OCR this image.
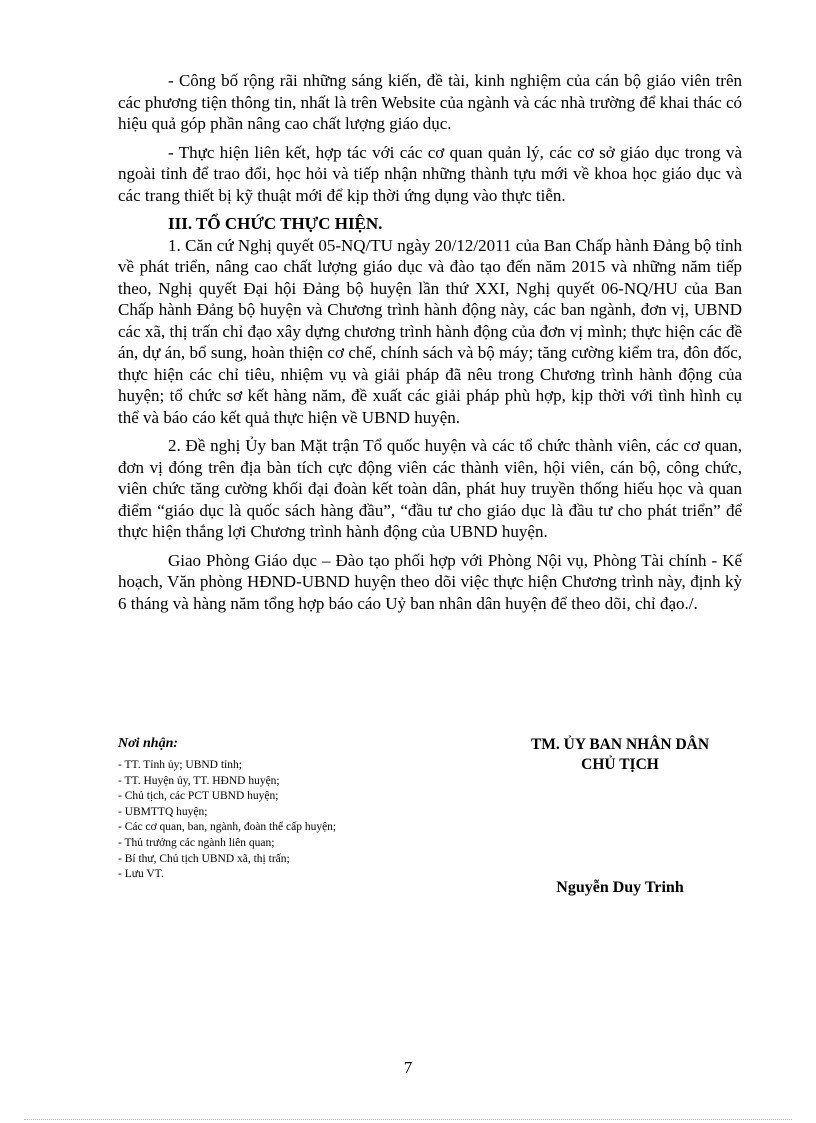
- Công bố rộng rãi những sáng kiến, đề tài, kinh nghiệm của cán bộ giáo viên trên các phương tiện thông tin, nhất là trên Website của ngành và các nhà trường để khai thác có hiệu quả góp phần nâng cao chất lượng giáo dục.

- Thực hiện liên kết, hợp tác với các cơ quan quản lý, các cơ sở giáo dục trong và ngoài tỉnh để trao đổi, học hỏi và tiếp nhận những thành tựu mới về khoa học giáo dục và các trang thiết bị kỹ thuật mới để kịp thời ứng dụng vào thực tiễn.

III. TỔ CHỨC THỰC HIỆN.

1. Căn cứ Nghị quyết 05-NQ/TU ngày 20/12/2011 của Ban Chấp hành Đảng bộ tỉnh về phát triển, nâng cao chất lượng giáo dục và đào tạo đến năm 2015 và những năm tiếp theo, Nghị quyết Đại hội Đảng bộ huyện lần thứ XXI, Nghị quyết 06-NQ/HU của Ban Chấp hành Đảng bộ huyện và Chương trình hành động này, các ban ngành, đơn vị, UBND các xã, thị trấn chỉ đạo xây dựng chương trình hành động của đơn vị mình; thực hiện các đề án, dự án, bổ sung, hoàn thiện cơ chế, chính sách và bộ máy; tăng cường kiểm tra, đôn đốc, thực hiện các chỉ tiêu, nhiệm vụ và giải pháp đã nêu trong Chương trình hành động của huyện; tổ chức sơ kết hàng năm, đề xuất các giải pháp phù hợp, kịp thời với tình hình cụ thể và báo cáo kết quả thực hiện về UBND huyện.

2. Đề nghị Ủy ban Mặt trận Tổ quốc huyện và các tổ chức thành viên, các cơ quan, đơn vị đóng trên địa bàn tích cực động viên các thành viên, hội viên, cán bộ, công chức, viên chức tăng cường khối đại đoàn kết toàn dân, phát huy truyền thống hiếu học và quan điểm “giáo dục là quốc sách hàng đầu”, “đầu tư cho giáo dục là đầu tư cho phát triển” để thực hiện thắng lợi Chương trình hành động của UBND huyện.

Giao Phòng Giáo dục – Đào tạo phối hợp với Phòng Nội vụ, Phòng Tài chính - Kế hoạch, Văn phòng HĐND-UBND huyện theo dõi việc thực hiện Chương trình này, định kỳ 6 tháng và hàng năm tổng hợp báo cáo Uỷ ban nhân dân huyện để theo dõi, chỉ đạo./.

Nơi nhận:

- TT. Tỉnh ủy; UBND tỉnh;
- TT. Huyện ủy, TT. HĐND huyện;
- Chủ tịch, các PCT UBND huyện;
- UBMTTQ huyện;
- Các cơ quan, ban, ngành, đoàn thể cấp huyện;
- Thủ trưởng các ngành liên quan;
- Bí thư, Chủ tịch UBND xã, thị trấn;
- Lưu VT.

TM. ỦY BAN NHÂN DÂN

CHỦ TỊCH

Nguyễn Duy Trinh

7
